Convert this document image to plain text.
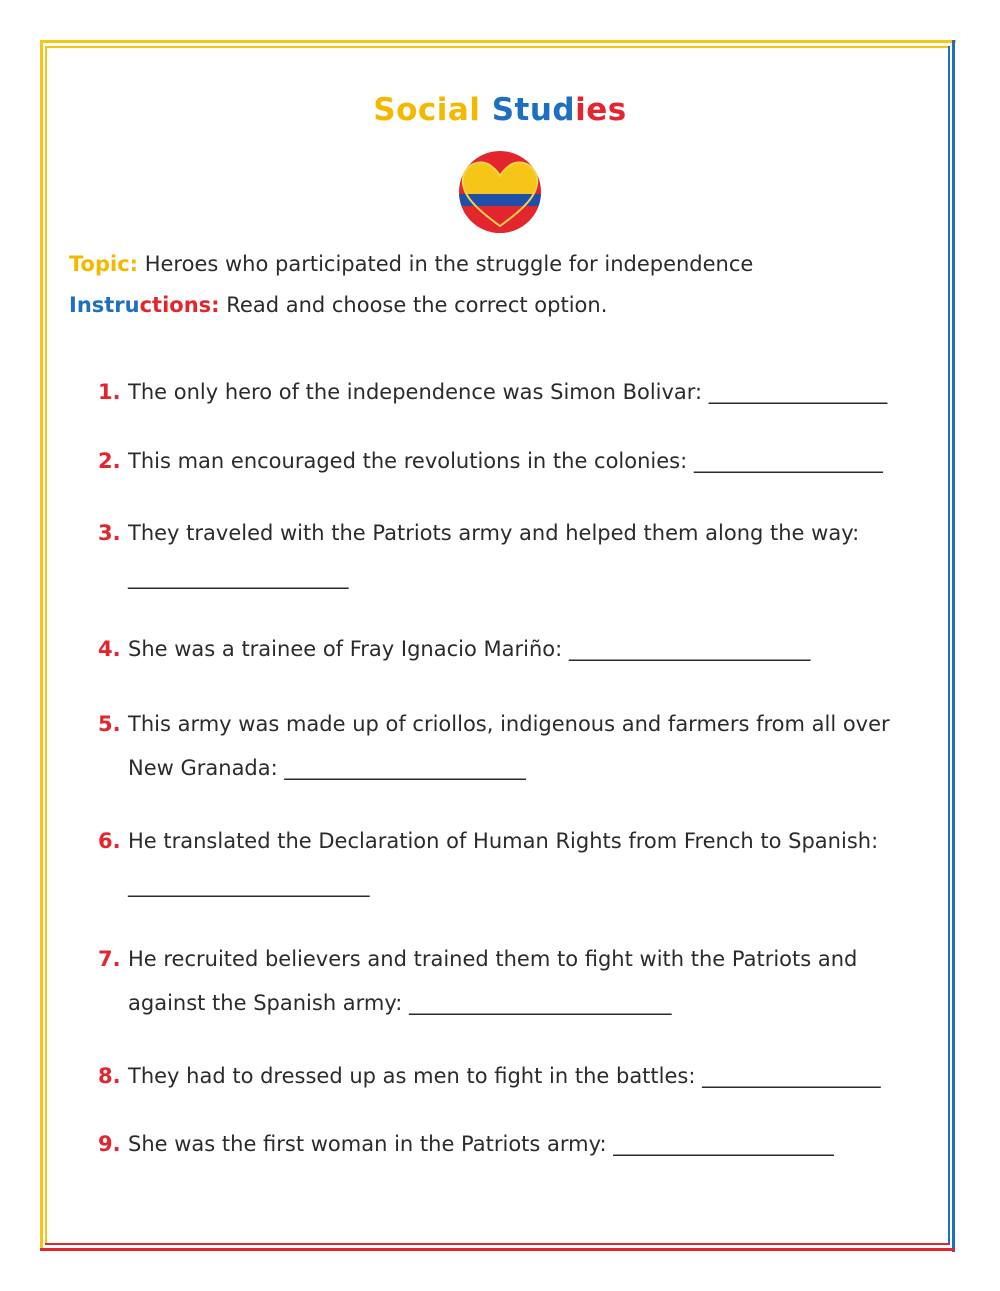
Social Studies
Topic: Heroes who participated in the struggle for independence
Instructions: Read and choose the correct option.
1. The only hero of the independence was Simon Bolivar: _________________
2. This man encouraged the revolutions in the colonies: __________________
3. They traveled with the Patriots army and helped them along the way:
_____________________
4. She was a trainee of Fray Ignacio Mariño: _______________________
5. This army was made up of criollos, indigenous and farmers from all over
New Granada: _______________________
6. He translated the Declaration of Human Rights from French to Spanish:
_______________________
7. He recruited believers and trained them to fight with the Patriots and
against the Spanish army: _________________________
8. They had to dressed up as men to fight in the battles: _________________
9. She was the first woman in the Patriots army: _____________________
